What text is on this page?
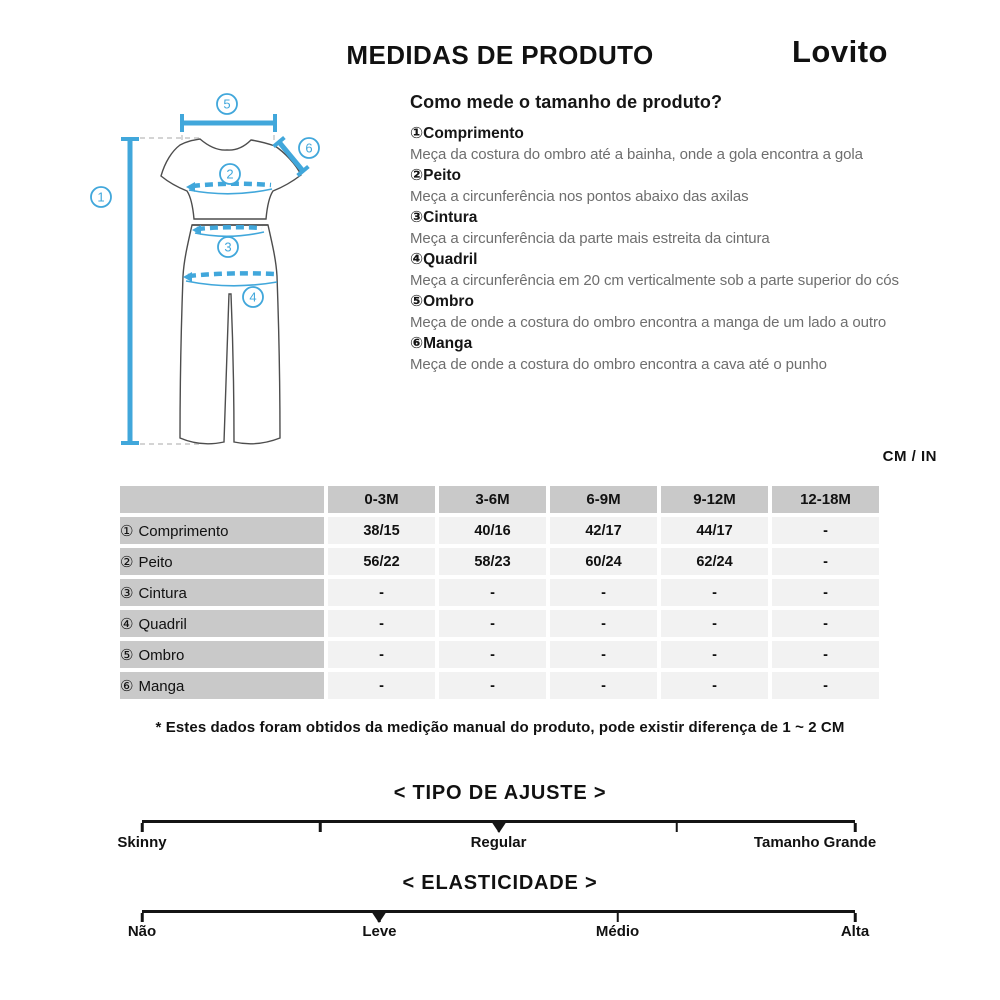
MEDIDAS DE PRODUTO	Lovito
1
2
3
4
5
6
Como mede o tamanho de produto?
①Comprimento
Meça da costura do ombro até a bainha, onde a gola encontra a gola
②Peito
Meça a circunferência nos pontos abaixo das axilas
③Cintura
Meça a circunferência da parte mais estreita da cintura
④Quadril
Meça a circunferência em 20 cm verticalmente sob a parte superior do cós
⑤Ombro
Meça de onde a costura do ombro encontra a manga de um lado a outro
⑥Manga
Meça de onde a costura do ombro encontra a cava até o punho
CM / IN
	0-3M	3-6M	6-9M	9-12M	12-18M
① Comprimento	38/15	40/16	42/17	44/17	-
② Peito	56/22	58/23	60/24	62/24	-
③ Cintura	-	-	-	-	-
④ Quadril	-	-	-	-	-
⑤ Ombro	-	-	-	-	-
⑥ Manga	-	-	-	-	-
* Estes dados foram obtidos da medição manual do produto, pode existir diferença de 1 ~ 2 CM
< TIPO DE AJUSTE >
Skinny	Regular	Tamanho Grande
< ELASTICIDADE >
Não	Leve	Médio	Alta
